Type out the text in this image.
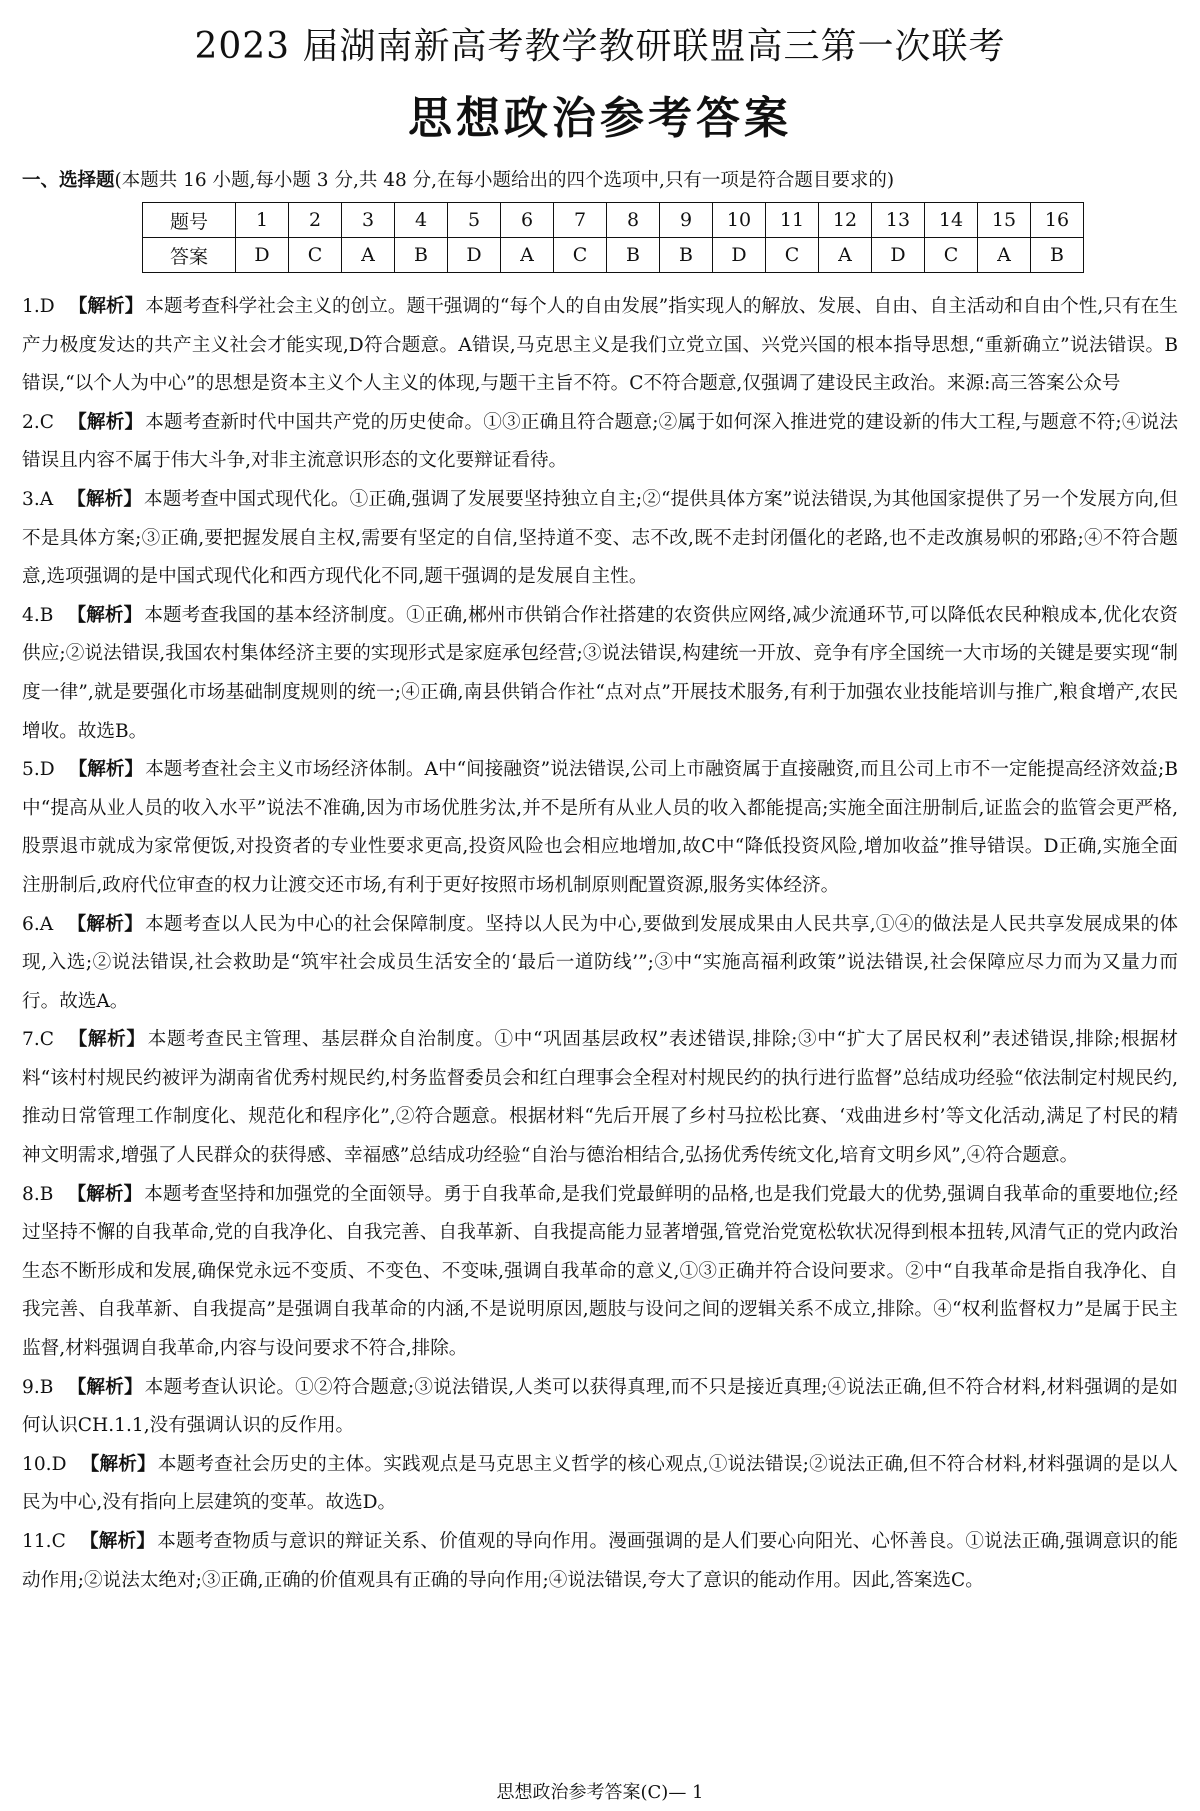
2023 届湖南新高考教学教研联盟高三第一次联考
思想政治参考答案
一、选择题(本题共 16 小题,每小题 3 分,共 48 分,在每小题给出的四个选项中,只有一项是符合题目要求的)
题号	1	2	3	4	5	6	7	8	9	10	11	12	13	14	15	16
答案	D	C	A	B	D	A	C	B	B	D	C	A	D	C	A	B

1.D 【解析】 本题考查科学社会主义的创立。题干强调的“每个人的自由发展”指实现人的解放、发展、自由、自主活动和自由个性,只有在生产力极度发达的共产主义社会才能实现,D符合题意。A错误,马克思主义是我们立党立国、兴党兴国的根本指导思想,“重新确立”说法错误。B错误,“以个人为中心”的思想是资本主义个人主义的体现,与题干主旨不符。C不符合题意,仅强调了建设民主政治。来源:高三答案公众号

2.C 【解析】 本题考查新时代中国共产党的历史使命。①③正确且符合题意;②属于如何深入推进党的建设新的伟大工程,与题意不符;④说法错误且内容不属于伟大斗争,对非主流意识形态的文化要辩证看待。

3.A 【解析】 本题考查中国式现代化。①正确,强调了发展要坚持独立自主;②“提供具体方案”说法错误,为其他国家提供了另一个发展方向,但不是具体方案;③正确,要把握发展自主权,需要有坚定的自信,坚持道不变、志不改,既不走封闭僵化的老路,也不走改旗易帜的邪路;④不符合题意,选项强调的是中国式现代化和西方现代化不同,题干强调的是发展自主性。

4.B 【解析】 本题考查我国的基本经济制度。①正确,郴州市供销合作社搭建的农资供应网络,减少流通环节,可以降低农民种粮成本,优化农资供应;②说法错误,我国农村集体经济主要的实现形式是家庭承包经营;③说法错误,构建统一开放、竞争有序全国统一大市场的关键是要实现“制度一律”,就是要强化市场基础制度规则的统一;④正确,南县供销合作社“点对点”开展技术服务,有利于加强农业技能培训与推广,粮食增产,农民增收。故选B。

5.D 【解析】 本题考查社会主义市场经济体制。A中“间接融资”说法错误,公司上市融资属于直接融资,而且公司上市不一定能提高经济效益;B中“提高从业人员的收入水平”说法不准确,因为市场优胜劣汰,并不是所有从业人员的收入都能提高;实施全面注册制后,证监会的监管会更严格,股票退市就成为家常便饭,对投资者的专业性要求更高,投资风险也会相应地增加,故C中“降低投资风险,增加收益”推导错误。D正确,实施全面注册制后,政府代位审查的权力让渡交还市场,有利于更好按照市场机制原则配置资源,服务实体经济。

6.A 【解析】 本题考查以人民为中心的社会保障制度。坚持以人民为中心,要做到发展成果由人民共享,①④的做法是人民共享发展成果的体现,入选;②说法错误,社会救助是“筑牢社会成员生活安全的‘最后一道防线’”;③中“实施高福利政策”说法错误,社会保障应尽力而为又量力而行。故选A。

7.C 【解析】 本题考查民主管理、基层群众自治制度。①中“巩固基层政权”表述错误,排除;③中“扩大了居民权利”表述错误,排除;根据材料“该村村规民约被评为湖南省优秀村规民约,村务监督委员会和红白理事会全程对村规民约的执行进行监督”总结成功经验“依法制定村规民约,推动日常管理工作制度化、规范化和程序化”,②符合题意。根据材料“先后开展了乡村马拉松比赛、‘戏曲进乡村’等文化活动,满足了村民的精神文明需求,增强了人民群众的获得感、幸福感”总结成功经验“自治与德治相结合,弘扬优秀传统文化,培育文明乡风”,④符合题意。

8.B 【解析】 本题考查坚持和加强党的全面领导。勇于自我革命,是我们党最鲜明的品格,也是我们党最大的优势,强调自我革命的重要地位;经过坚持不懈的自我革命,党的自我净化、自我完善、自我革新、自我提高能力显著增强,管党治党宽松软状况得到根本扭转,风清气正的党内政治生态不断形成和发展,确保党永远不变质、不变色、不变味,强调自我革命的意义,①③正确并符合设问要求。②中“自我革命是指自我净化、自我完善、自我革新、自我提高”是强调自我革命的内涵,不是说明原因,题肢与设问之间的逻辑关系不成立,排除。④“权利监督权力”是属于民主监督,材料强调自我革命,内容与设问要求不符合,排除。

9.B 【解析】 本题考查认识论。①②符合题意;③说法错误,人类可以获得真理,而不只是接近真理;④说法正确,但不符合材料,材料强调的是如何认识CH.1.1,没有强调认识的反作用。

10.D 【解析】 本题考查社会历史的主体。实践观点是马克思主义哲学的核心观点,①说法错误;②说法正确,但不符合材料,材料强调的是以人民为中心,没有指向上层建筑的变革。故选D。

11.C 【解析】 本题考查物质与意识的辩证关系、价值观的导向作用。漫画强调的是人们要心向阳光、心怀善良。①说法正确,强调意识的能动作用;②说法太绝对;③正确,正确的价值观具有正确的导向作用;④说法错误,夸大了意识的能动作用。因此,答案选C。

思想政治参考答案(C)— 1
